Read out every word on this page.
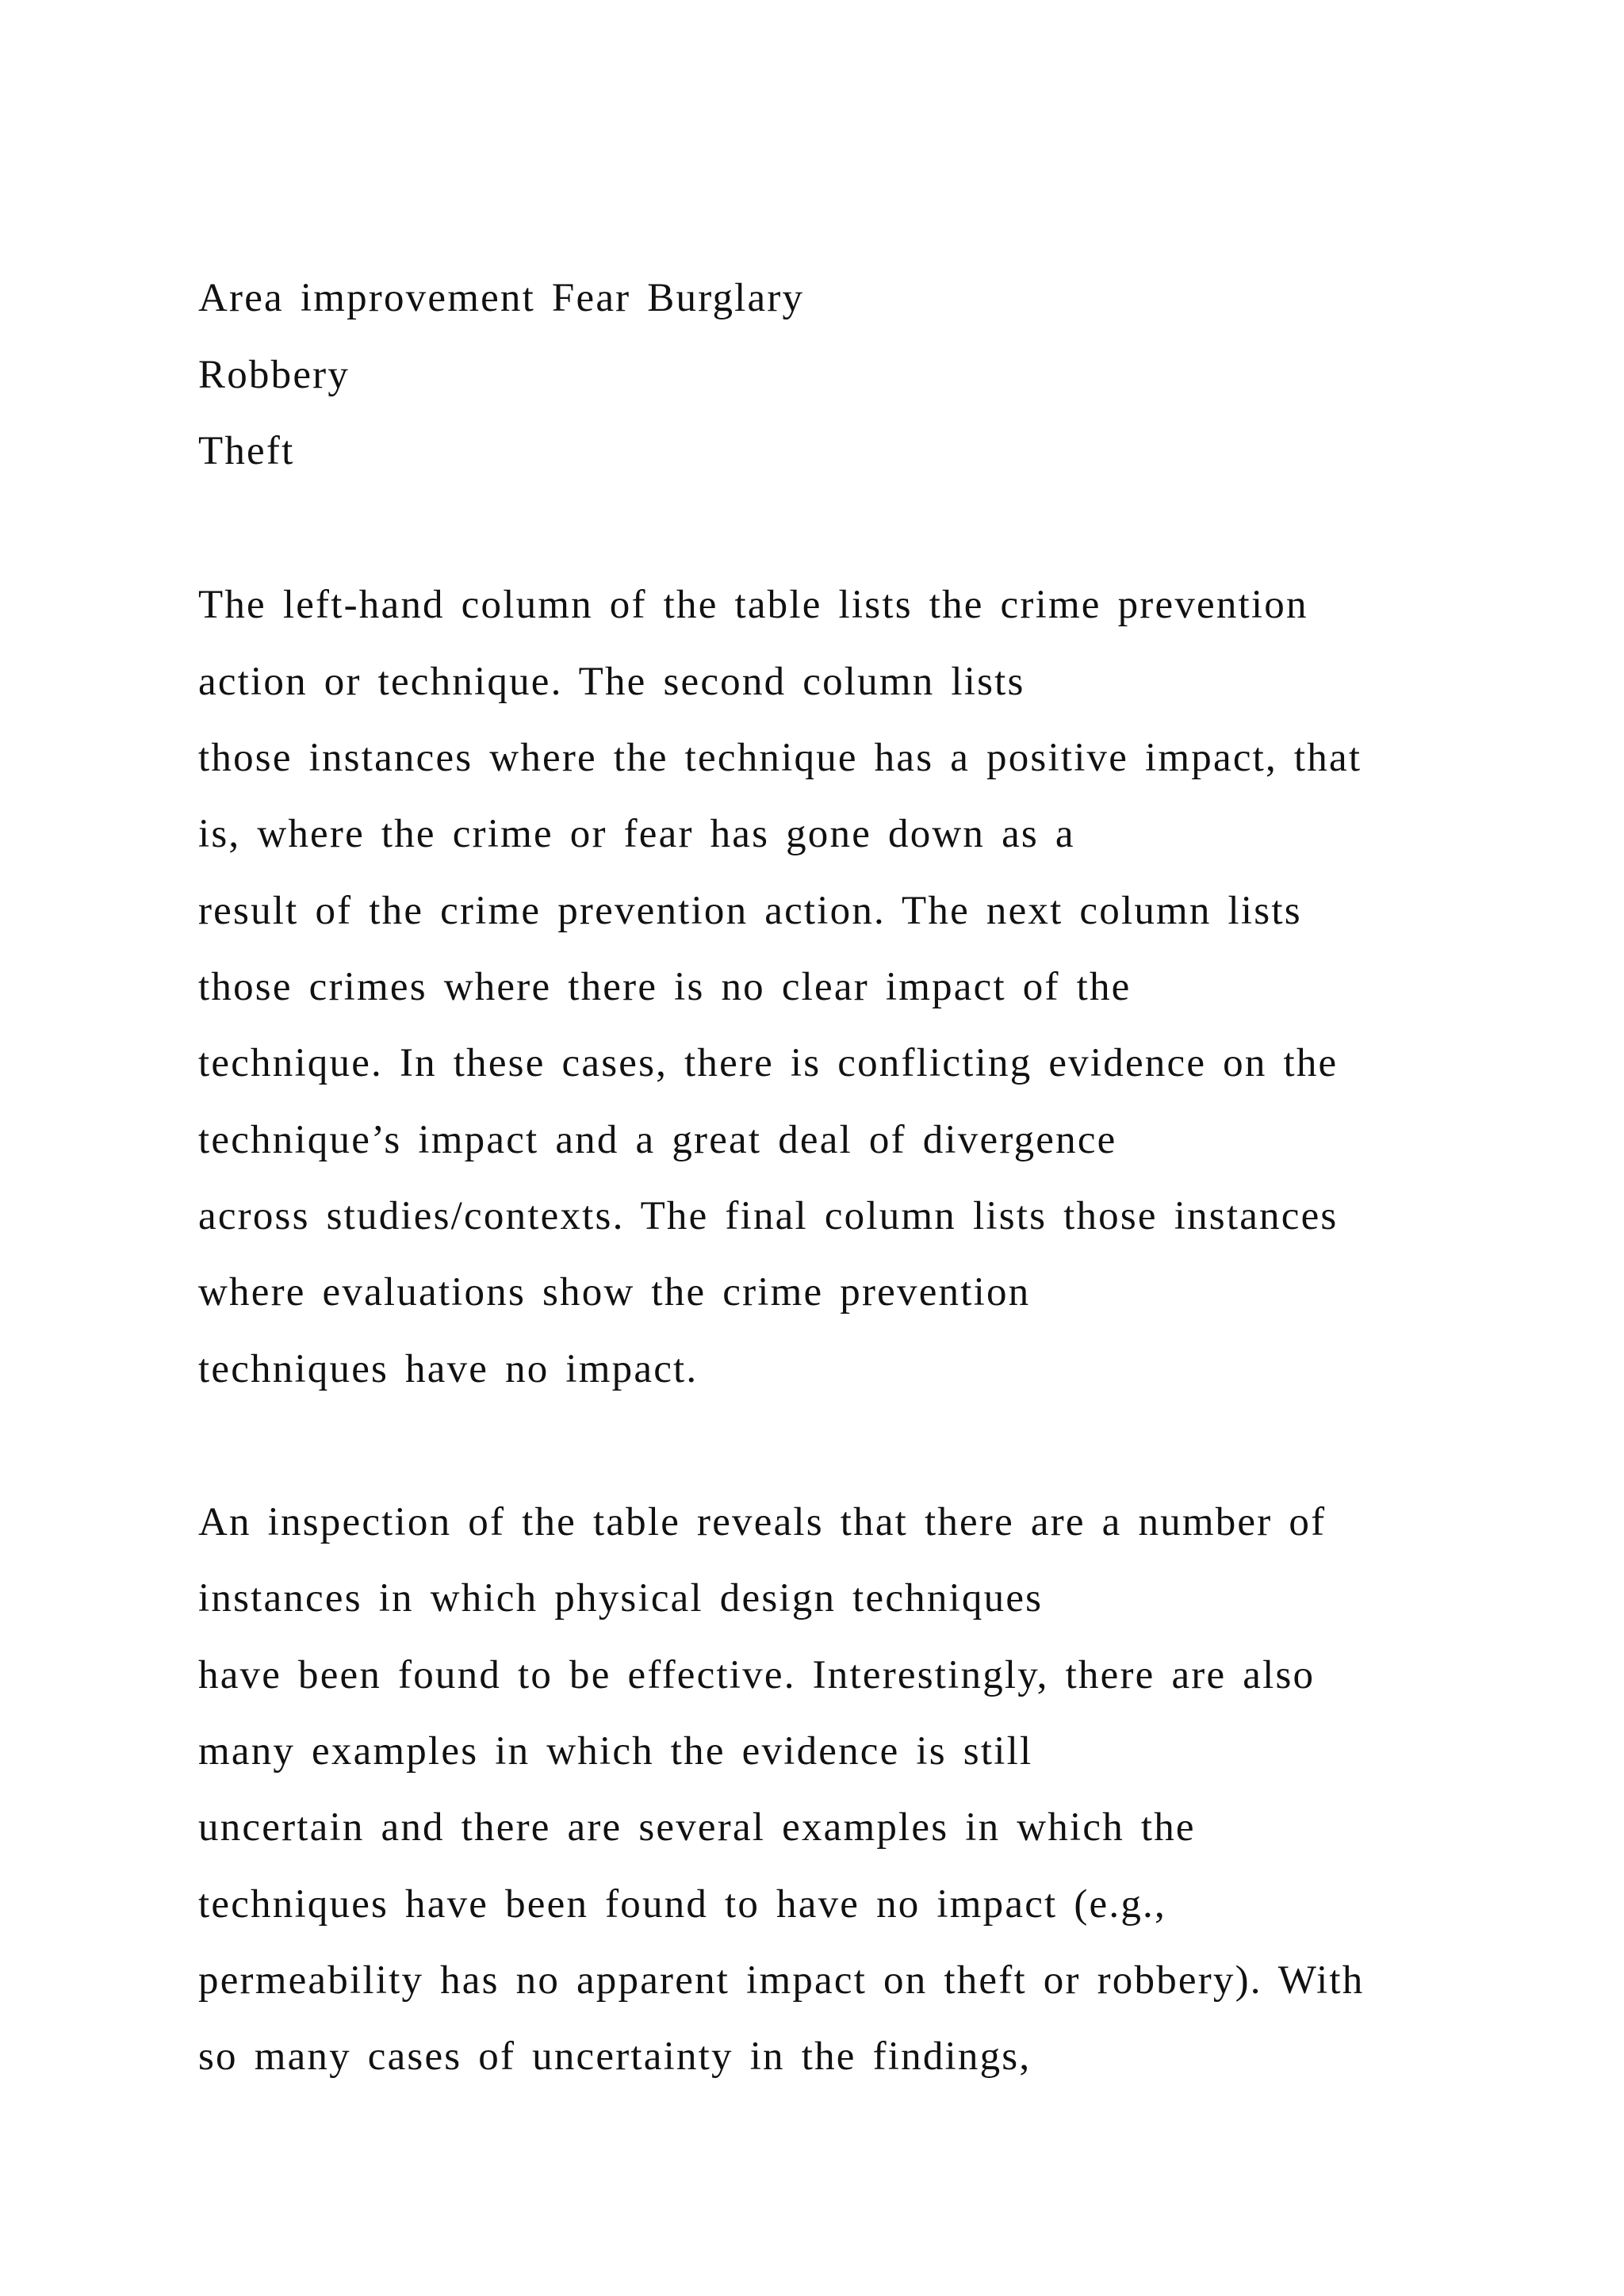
Area improvement Fear Burglary

Robbery

Theft

The left-hand column of the table lists the crime prevention

action or technique. The second column lists

those instances where the technique has a positive impact, that

is, where the crime or fear has gone down as a

result of the crime prevention action. The next column lists

those crimes where there is no clear impact of the

technique. In these cases, there is conflicting evidence on the

technique’s impact and a great deal of divergence

across studies/contexts. The final column lists those instances

where evaluations show the crime prevention

techniques have no impact.

An inspection of the table reveals that there are a number of

instances in which physical design techniques

have been found to be effective. Interestingly, there are also

many examples in which the evidence is still

uncertain and there are several examples in which the

techniques have been found to have no impact (e.g.,

permeability has no apparent impact on theft or robbery). With

so many cases of uncertainty in the findings,
